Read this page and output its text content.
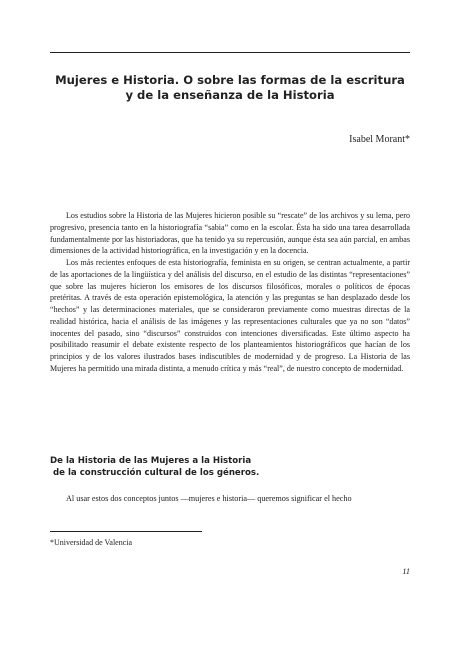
Mujeres e Historia. O sobre las formas de la escritura
y de la enseñanza de la Historia
Isabel Morant*

Los estudios sobre la Historia de las Mujeres hicieron posible su “rescate” de los archivos y su lema, pero progresivo, presencia tanto en la historiografía “sabia” como en la escolar. Ésta ha sido una tarea desarrollada fundamentalmente por las historiadoras, que ha tenido ya su repercusión, aunque ésta sea aún parcial, en ambas dimensiones de la actividad historiográfica, en la investigación y en la docencia.

Los más recientes enfoques de esta historiografía, feminista en su origen, se centran actualmente, a partir de las aportaciones de la lingüística y del análisis del discurso, en el estudio de las distintas “representaciones” que sobre las mujeres hicieron los emisores de los discursos filosóficos, morales o políticos de épocas pretéritas. A través de esta operación epistemológica, la atención y las preguntas se han desplazado desde los “hechos” y las determinaciones materiales, que se consideraron previamente como muestras directas de la realidad histórica, hacia el análisis de las imágenes y las representaciones culturales que ya no son “datos” inocentes del pasado, sino “discursos” construidos con intenciones diversificadas. Este último aspecto ha posibilitado reasumir el debate existente respecto de los planteamientos historiográficos que hacían de los principios y de los valores ilustrados bases indiscutibles de modernidad y de progreso. La Historia de las Mujeres ha permitido una mirada distinta, a menudo crítica y más “real”, de nuestro concepto de modernidad.

De la Historia de las Mujeres a la Historia
de la construcción cultural de los géneros.
Al usar estos dos conceptos juntos —mujeres e historia— queremos significar el hecho
*Universidad de Valencia
11
